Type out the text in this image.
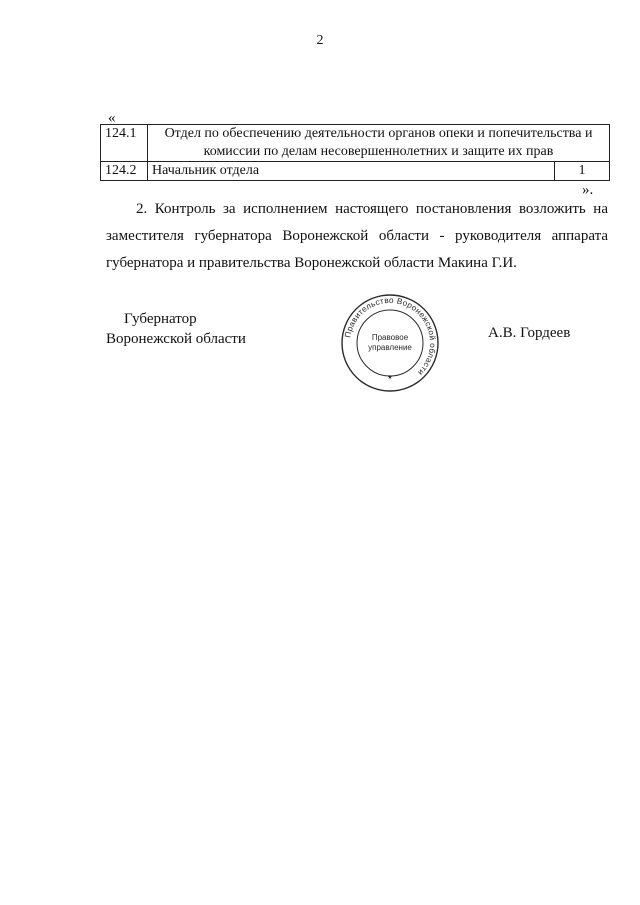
2
«
124.1	Отдел по обеспечению деятельности органов опеки и попечительства и комиссии по делам несовершеннолетних и защите их прав	
124.2	Начальник отдела	1
».
2. Контроль за исполнением настоящего постановления возложить на заместителя губернатора Воронежской области - руководителя аппарата губернатора и правительства Воронежской области Макина Г.И.
Губернатор
Воронежской области	А.В. Гордеев
Правительство Воронежской области
Правовое
управление
★
